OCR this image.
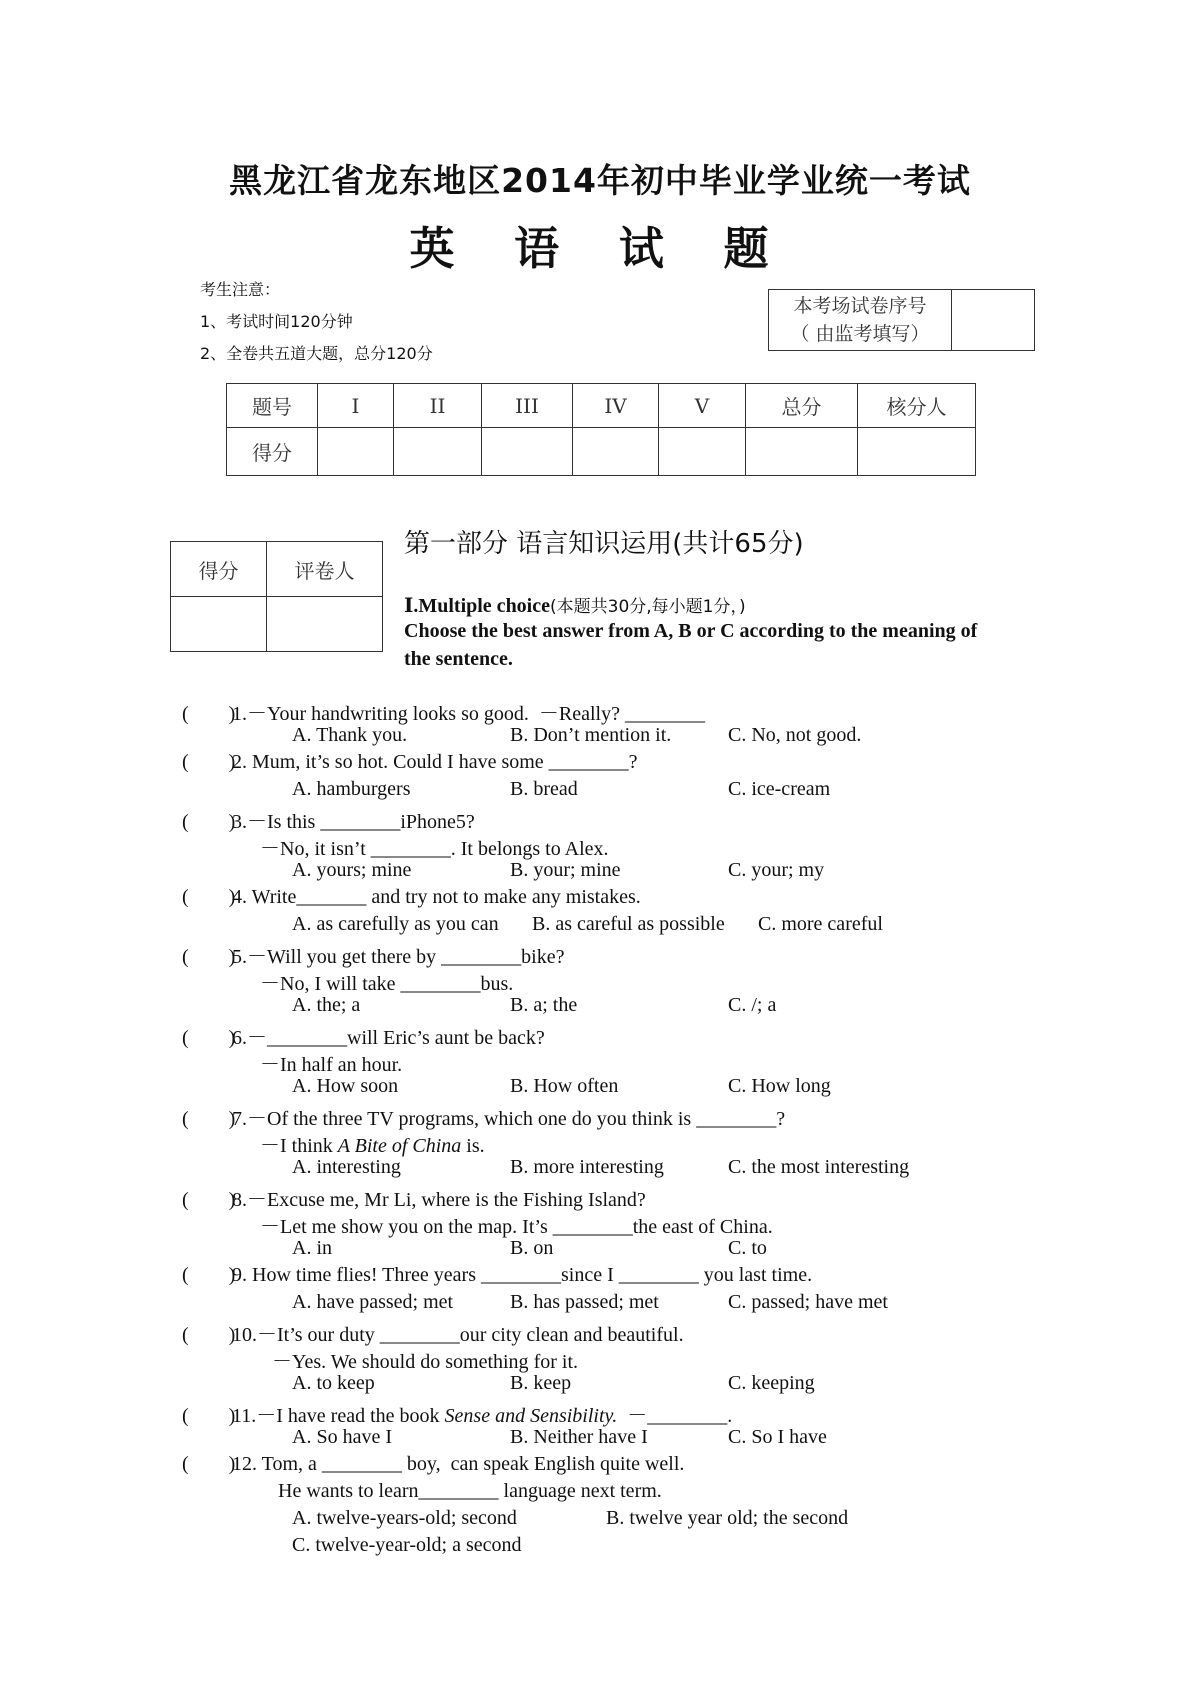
黑龙江省龙东地区2014年初中毕业学业统一考试
英 语 试 题
考生注意：
1、考试时间120分钟
2、全卷共五道大题，总分120分
本考场试卷序号
（ 由监考填写）

题号	I	II	III	IV	V	总分	核分人
得分							
得分	评卷人

第一部分 语言知识运用(共计65分)
Ⅰ.Multiple choice(本题共30分,每小题1分，)
Choose the best answer from A, B or C according to the meaning of
the sentence.
(        )1.－Your handwriting looks so good.  －Really? ________
A. Thank you.	B. Don’t mention it.	C. No, not good.
(        )2. Mum, it’s so hot. Could I have some ________?
A. hamburgers	B. bread	C. ice-cream
(        )3.－Is this ________iPhone5?
－No, it isn’t ________. It belongs to Alex.
A. yours; mine	B. your; mine	C. your; my
(        )4. Write_______ and try not to make any mistakes.
A. as carefully as you can B. as careful as possible C. more careful
(        )5.－Will you get there by ________bike?
－No, I will take ________bus.
A. the; a	B. a; the	C. /; a
(        )6.－________will Eric’s aunt be back?
－In half an hour.
A. How soon	B. How often	C. How long
(        )7.－Of the three TV programs, which one do you think is ________?
－I think A Bite of China is.
A. interesting	B. more interesting	C. the most interesting
(        )8.－Excuse me, Mr Li, where is the Fishing Island?
－Let me show you on the map. It’s ________the east of China.
A. in	B. on	C. to
(        )9. How time flies! Three years ________since I ________ you last time.
A. have passed; met	B. has passed; met	C. passed; have met
(        )10.－It’s our duty ________our city clean and beautiful.
－Yes. We should do something for it.
A. to keep	B. keep	C. keeping
(        )11.－I have read the book Sense and Sensibility.  －________.
A. So have I	B. Neither have I	C. So I have
(        )12. Tom, a ________ boy,  can speak English quite well.
He wants to learn________ language next term.
A. twelve-years-old; second	B. twelve year old; the second
C. twelve-year-old; a second
